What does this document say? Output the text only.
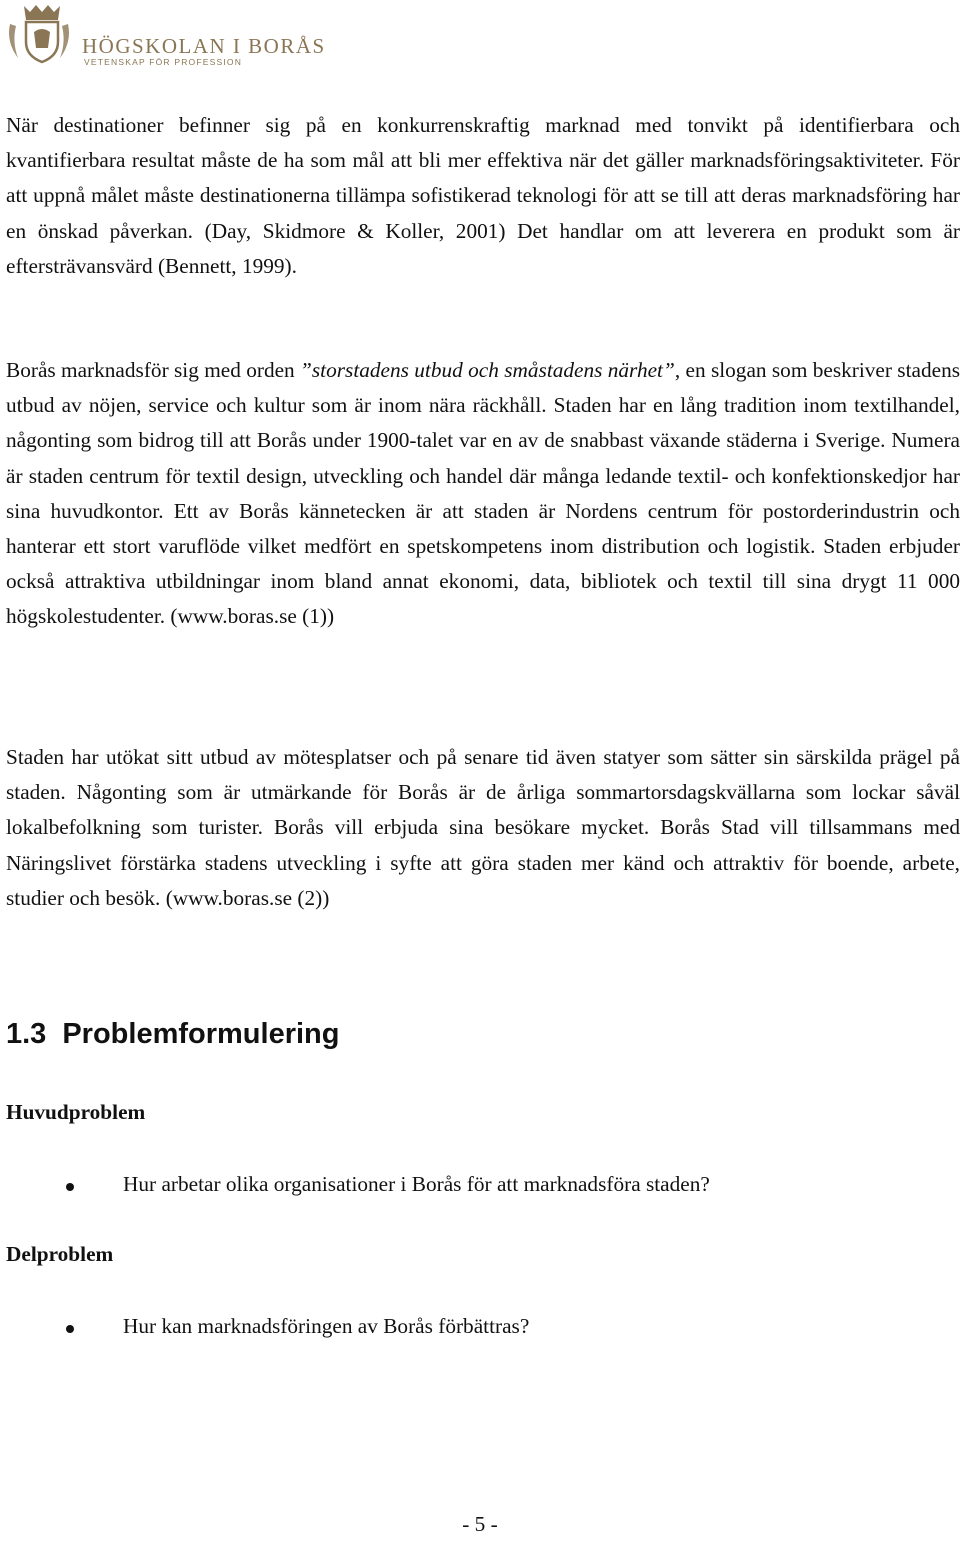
HÖGSKOLAN I BORÅS
VETENSKAP FÖR PROFESSION

När destinationer befinner sig på en konkurrenskraftig marknad med tonvikt på identifierbara och kvantifierbara resultat måste de ha som mål att bli mer effektiva när det gäller marknadsföringsaktiviteter. För att uppnå målet måste destinationerna tillämpa sofistikerad teknologi för att se till att deras marknadsföring har en önskad påverkan. (Day, Skidmore & Koller, 2001) Det handlar om att leverera en produkt som är eftersträvansvärd (Bennett, 1999).

Borås marknadsför sig med orden ”storstadens utbud och småstadens närhet”, en slogan som beskriver stadens utbud av nöjen, service och kultur som är inom nära räckhåll. Staden har en lång tradition inom textilhandel, någonting som bidrog till att Borås under 1900-talet var en av de snabbast växande städerna i Sverige. Numera är staden centrum för textil design, utveckling och handel där många ledande textil- och konfektionskedjor har sina huvudkontor. Ett av Borås kännetecken är att staden är Nordens centrum för postorderindustrin och hanterar ett stort varuflöde vilket medfört en spetskompetens inom distribution och logistik. Staden erbjuder också attraktiva utbildningar inom bland annat ekonomi, data, bibliotek och textil till sina drygt 11 000 högskolestudenter. (www.boras.se (1))

Staden har utökat sitt utbud av mötesplatser och på senare tid även statyer som sätter sin särskilda prägel på staden. Någonting som är utmärkande för Borås är de årliga sommartorsdagskvällarna som lockar såväl lokalbefolkning som turister. Borås vill erbjuda sina besökare mycket. Borås Stad vill tillsammans med Näringslivet förstärka stadens utveckling i syfte att göra staden mer känd och attraktiv för boende, arbete, studier och besök. (www.boras.se (2))

1.3 Problemformulering
Huvudproblem
Hur arbetar olika organisationer i Borås för att marknadsföra staden?
Delproblem
Hur kan marknadsföringen av Borås förbättras?
- 5 -
